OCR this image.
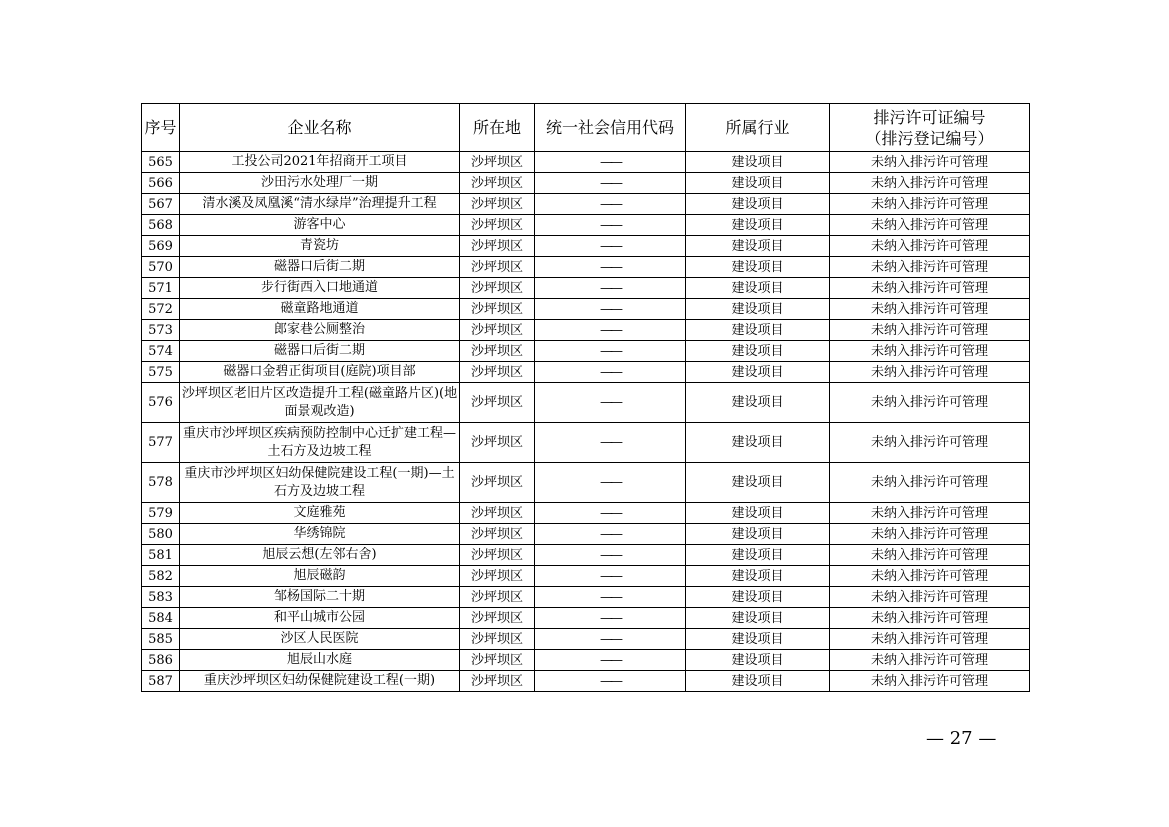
序号	企业名称	所在地	统一社会信用代码	所属行业	排污许可证编号
（排污登记编号）
565	工投公司2021年招商开工项目	沙坪坝区	——	建设项目	未纳入排污许可管理
566	沙田污水处理厂一期	沙坪坝区	——	建设项目	未纳入排污许可管理
567	清水溪及凤凰溪“清水绿岸”治理提升工程	沙坪坝区	——	建设项目	未纳入排污许可管理
568	游客中心	沙坪坝区	——	建设项目	未纳入排污许可管理
569	青瓷坊	沙坪坝区	——	建设项目	未纳入排污许可管理
570	磁器口后街二期	沙坪坝区	——	建设项目	未纳入排污许可管理
571	步行街西入口地通道	沙坪坝区	——	建设项目	未纳入排污许可管理
572	磁童路地通道	沙坪坝区	——	建设项目	未纳入排污许可管理
573	郎家巷公厕整治	沙坪坝区	——	建设项目	未纳入排污许可管理
574	磁器口后街二期	沙坪坝区	——	建设项目	未纳入排污许可管理
575	磁器口金碧正街项目(庭院)项目部	沙坪坝区	——	建设项目	未纳入排污许可管理
576	沙坪坝区老旧片区改造提升工程(磁童路片区)(地面景观改造)	沙坪坝区	——	建设项目	未纳入排污许可管理
577	重庆市沙坪坝区疾病预防控制中心迁扩建工程—土石方及边坡工程	沙坪坝区	——	建设项目	未纳入排污许可管理
578	重庆市沙坪坝区妇幼保健院建设工程(一期)—土石方及边坡工程	沙坪坝区	——	建设项目	未纳入排污许可管理
579	文庭雅苑	沙坪坝区	——	建设项目	未纳入排污许可管理
580	华绣锦院	沙坪坝区	——	建设项目	未纳入排污许可管理
581	旭辰云想(左邻右舍)	沙坪坝区	——	建设项目	未纳入排污许可管理
582	旭辰磁韵	沙坪坝区	——	建设项目	未纳入排污许可管理
583	邹杨国际二十期	沙坪坝区	——	建设项目	未纳入排污许可管理
584	和平山城市公园	沙坪坝区	——	建设项目	未纳入排污许可管理
585	沙区人民医院	沙坪坝区	——	建设项目	未纳入排污许可管理
586	旭辰山水庭	沙坪坝区	——	建设项目	未纳入排污许可管理
587	重庆沙坪坝区妇幼保健院建设工程(一期)	沙坪坝区	——	建设项目	未纳入排污许可管理
— 27 —
